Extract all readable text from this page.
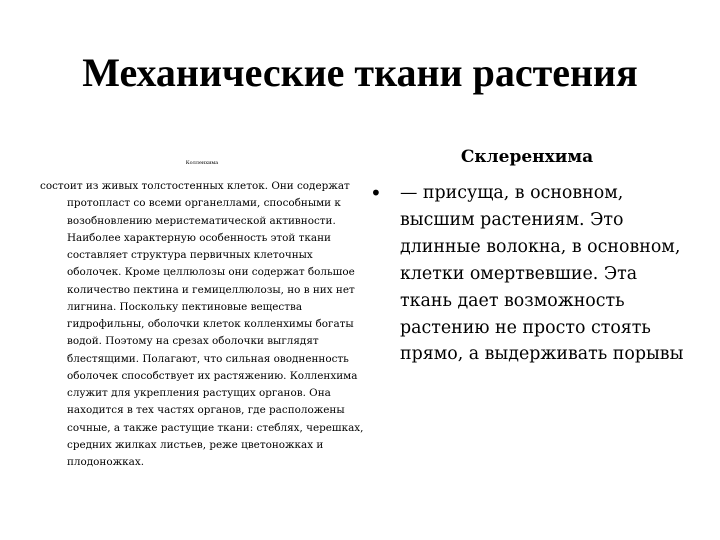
Механические ткани растения
Колленхима

состоит из живых толстостенных клеток. Они содержат протопласт со всеми органеллами, способными к возобновлению меристематической активности. Наиболее характерную особенность этой ткани составляет структура первичных клеточных оболочек. Кроме целлюлозы они содержат большое количество пектина и гемицеллюлозы, но в них нет лигнина. Поскольку пектиновые вещества гидрофильны, оболочки клеток колленхимы богаты водой. Поэтому на срезах оболочки выглядят блестящими. Полагают, что сильная оводненность оболочек способствует их растяжению. Колленхима служит для укрепления растущих органов. Она находится в тех частях органов, где расположены сочные, а также растущие ткани: стеблях, черешках, средних жилках листьев, реже цветоножках и плодоножках.

Склеренхима
•	— присуща, в основном, высшим растениям. Это длинные волокна, в основном, клетки омертвевшие. Эта ткань дает возможность растению не просто стоять прямо, а выдерживать порывы
